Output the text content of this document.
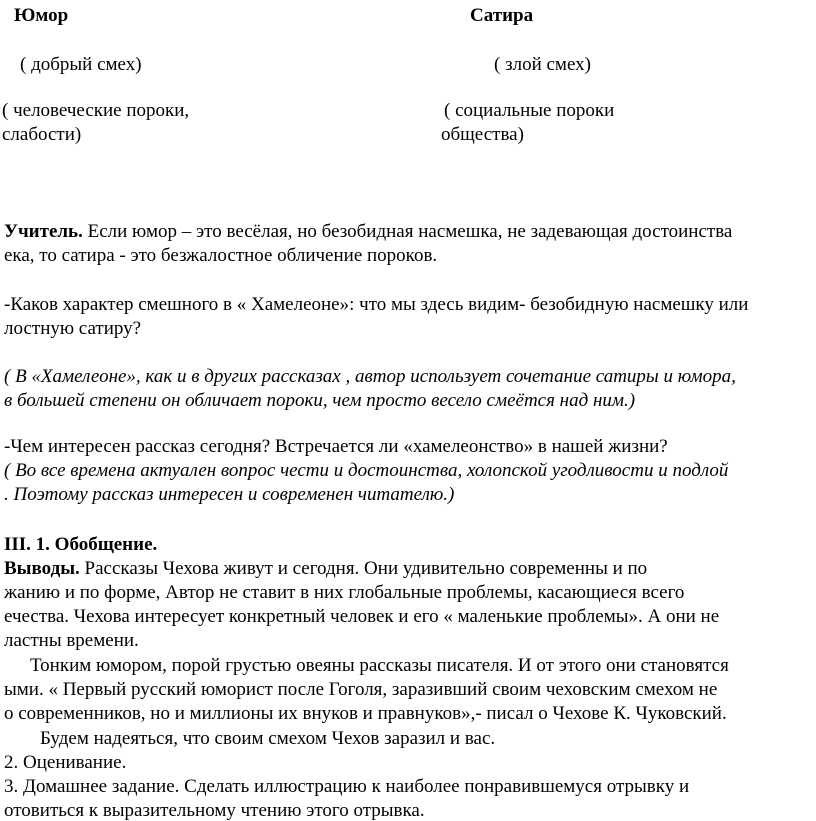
Юмор	Сатира
( добрый смех)	( злой смех)
( человеческие пороки,	( социальные пороки
слабости)	общества)
Учитель. Если юмор – это весёлая, но безобидная насмешка, не задевающая достоинства
ека, то сатира - это безжалостное обличение пороков.
-Каков характер смешного в « Хамелеоне»: что мы здесь видим- безобидную насмешку или
лостную сатиру?
( В «Хамелеоне», как и в других рассказах , автор использует сочетание сатиры и юмора,
в большей степени он обличает пороки, чем просто весело смеётся над ним.)
-Чем интересен рассказ сегодня? Встречается ли «хамелеонство» в нашей жизни?
( Во все времена актуален вопрос чести и достоинства, холопской угодливости и подлой
. Поэтому рассказ интересен и современен читателю.)
III. 1. Обобщение.
Выводы. Рассказы Чехова живут и сегодня. Они удивительно современны и по
жанию и по форме, Автор не ставит в них глобальные проблемы, касающиеся всего
ечества. Чехова интересует конкретный человек и его « маленькие проблемы». А они не
ластны времени.
Тонким юмором, порой грустью овеяны рассказы писателя. И от этого они становятся
ыми. « Первый русский юморист после Гоголя, заразивший своим чеховским смехом не
о современников, но и миллионы их внуков и правнуков»,- писал о Чехове К. Чуковский.
Будем надеяться, что своим смехом Чехов заразил и вас.
2. Оценивание.
3. Домашнее задание. Сделать иллюстрацию к наиболее понравившемуся отрывку и
отовиться к выразительному чтению этого отрывка.
